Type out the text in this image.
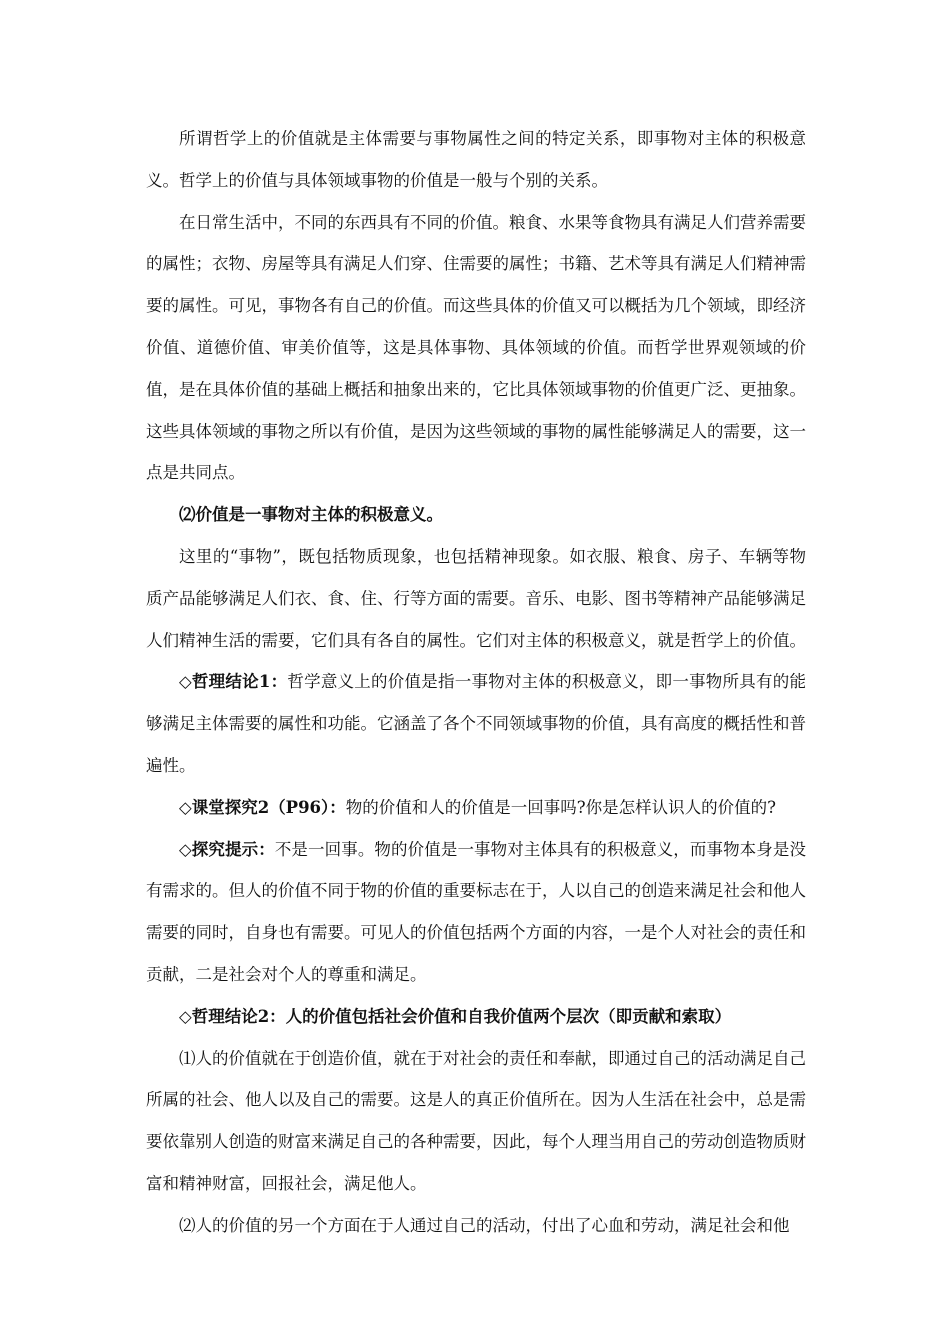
所谓哲学上的价值就是主体需要与事物属性之间的特定关系，即事物对主体的积极意义。哲学上的价值与具体领域事物的价值是一般与个别的关系。

在日常生活中，不同的东西具有不同的价值。粮食、水果等食物具有满足人们营养需要的属性；衣物、房屋等具有满足人们穿、住需要的属性；书籍、艺术等具有满足人们精神需要的属性。可见，事物各有自己的价值。而这些具体的价值又可以概括为几个领域，即经济价值、道德价值、审美价值等，这是具体事物、具体领域的价值。而哲学世界观领域的价值，是在具体价值的基础上概括和抽象出来的，它比具体领域事物的价值更广泛、更抽象。这些具体领域的事物之所以有价值，是因为这些领域的事物的属性能够满足人的需要，这一点是共同点。

⑵价值是一事物对主体的积极意义。

这里的“事物”，既包括物质现象，也包括精神现象。如衣服、粮食、房子、车辆等物质产品能够满足人们衣、食、住、行等方面的需要。音乐、电影、图书等精神产品能够满足人们精神生活的需要，它们具有各自的属性。它们对主体的积极意义，就是哲学上的价值。

◇哲理结论1：哲学意义上的价值是指一事物对主体的积极意义，即一事物所具有的能够满足主体需要的属性和功能。它涵盖了各个不同领域事物的价值，具有高度的概括性和普遍性。

◇课堂探究2（P96）：物的价值和人的价值是一回事吗?你是怎样认识人的价值的?

◇探究提示：不是一回事。物的价值是一事物对主体具有的积极意义，而事物本身是没有需求的。但人的价值不同于物的价值的重要标志在于，人以自己的创造来满足社会和他人需要的同时，自身也有需要。可见人的价值包括两个方面的内容，一是个人对社会的责任和贡献，二是社会对个人的尊重和满足。

◇哲理结论2：人的价值包括社会价值和自我价值两个层次（即贡献和索取）

⑴人的价值就在于创造价值，就在于对社会的责任和奉献，即通过自己的活动满足自己所属的社会、他人以及自己的需要。这是人的真正价值所在。因为人生活在社会中，总是需要依靠别人创造的财富来满足自己的各种需要，因此，每个人理当用自己的劳动创造物质财富和精神财富，回报社会，满足他人。

⑵人的价值的另一个方面在于人通过自己的活动，付出了心血和劳动，满足社会和他
